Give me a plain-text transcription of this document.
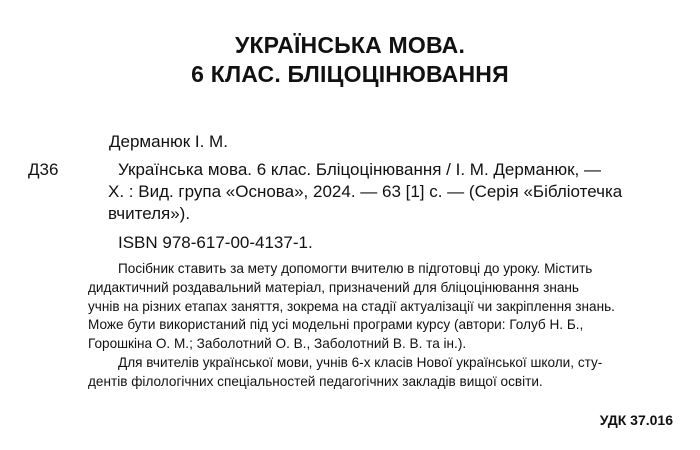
УКРАЇНСЬКА МОВА.
6 КЛАС. БЛІЦОЦІНЮВАННЯ
Дерманюк І. М.
Д36	Українська мова. 6 клас. Бліцоцінювання / І. М. Дерманюк, —
Х. : Вид. група «Основа», 2024. — 63 [1] с. — (Серія «Бібліотечка
вчителя»).
ISBN 978-617-00-4137-1.
Посібник ставить за мету допомогти вчителю в підготовці до уроку. Містить
дидактичний роздавальний матеріал, призначений для бліцоцінювання знань
учнів на різних етапах заняття, зокрема на стадії актуалізації чи закріплення знань.
Може бути використаний під усі модельні програми курсу (автори: Голуб Н. Б.,
Горошкіна О. М.; Заболотний О. В., Заболотний В. В. та ін.).
Для вчителів української мови, учнів 6-х класів Нової української школи, сту-
дентів філологічних спеціальностей педагогічних закладів вищої освіти.
УДК 37.016
